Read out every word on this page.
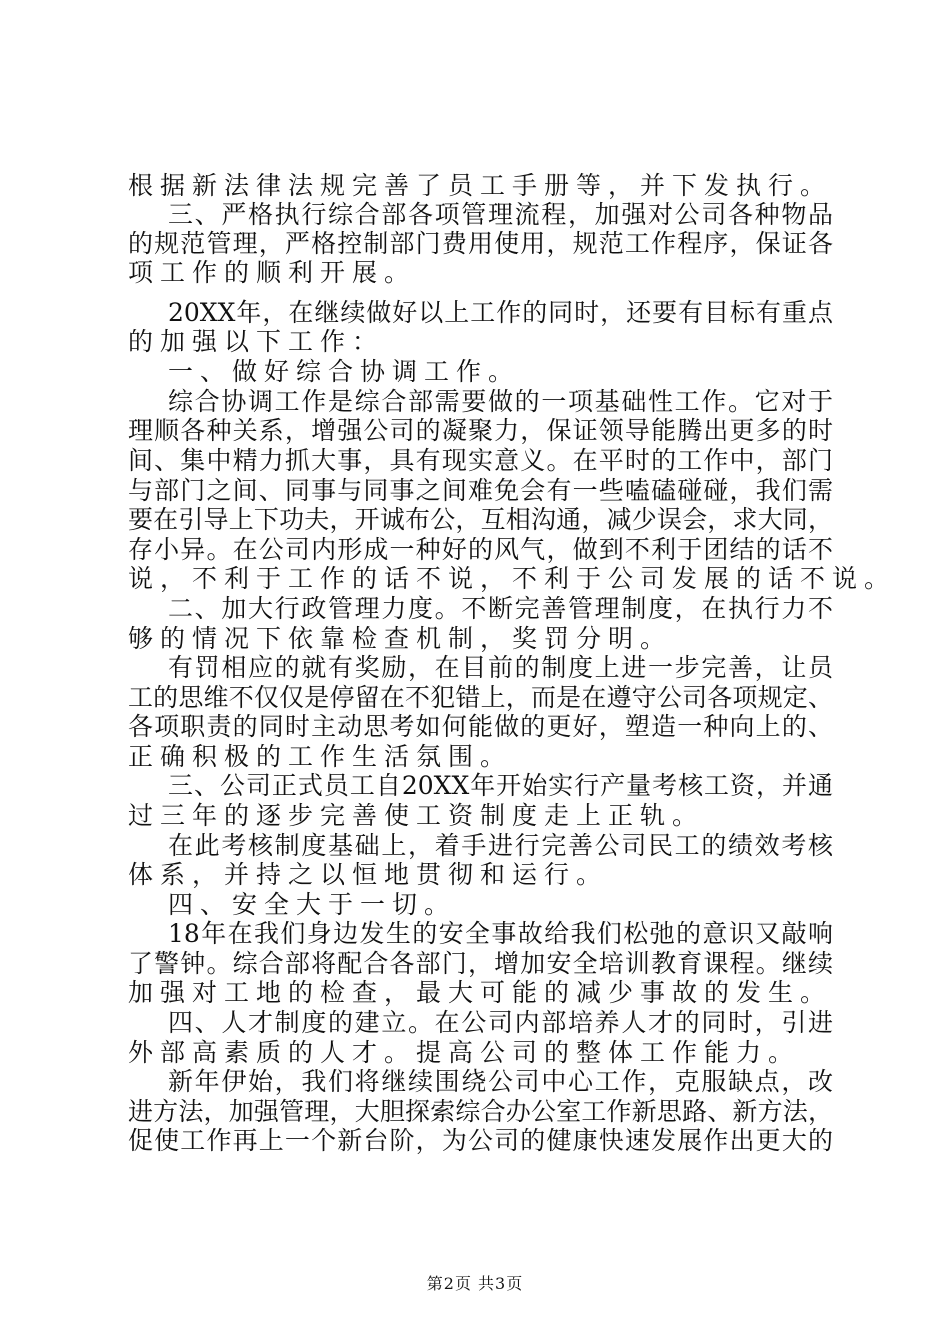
根据新法律法规完善了员工手册等，并下发执行。
三、严格执行综合部各项管理流程，加强对公司各种物品
的规范管理，严格控制部门费用使用，规范工作程序，保证各
项工作的顺利开展。
20XX年，在继续做好以上工作的同时，还要有目标有重点
的加强以下工作：
一、做好综合协调工作。
综合协调工作是综合部需要做的一项基础性工作。它对于
理顺各种关系，增强公司的凝聚力，保证领导能腾出更多的时
间、集中精力抓大事，具有现实意义。在平时的工作中，部门
与部门之间、同事与同事之间难免会有一些嗑磕碰碰，我们需
要在引导上下功夫，开诚布公，互相沟通，减少误会，求大同，
存小异。在公司内形成一种好的风气，做到不利于团结的话不
说，不利于工作的话不说，不利于公司发展的话不说。
二、加大行政管理力度。不断完善管理制度，在执行力不
够的情况下依靠检查机制，奖罚分明。
有罚相应的就有奖励，在目前的制度上进一步完善，让员
工的思维不仅仅是停留在不犯错上，而是在遵守公司各项规定、
各项职责的同时主动思考如何能做的更好，塑造一种向上的、
正确积极的工作生活氛围。
三、公司正式员工自20XX年开始实行产量考核工资，并通
过三年的逐步完善使工资制度走上正轨。
在此考核制度基础上，着手进行完善公司民工的绩效考核
体系，并持之以恒地贯彻和运行。
四、安全大于一切。
18年在我们身边发生的安全事故给我们松弛的意识又敲响
了警钟。综合部将配合各部门，增加安全培训教育课程。继续
加强对工地的检查，最大可能的减少事故的发生。
四、人才制度的建立。在公司内部培养人才的同时，引进
外部高素质的人才。提高公司的整体工作能力。
新年伊始，我们将继续围绕公司中心工作，克服缺点，改
进方法，加强管理，大胆探索综合办公室工作新思路、新方法，
促使工作再上一个新台阶，为公司的健康快速发展作出更大的
第2页 共3页
